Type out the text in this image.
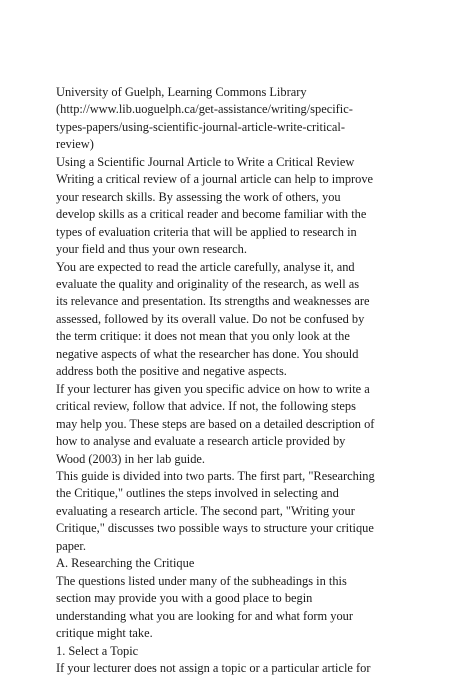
University of Guelph, Learning Commons Library
(http://www.lib.uoguelph.ca/get-assistance/writing/specific-
types-papers/using-scientific-journal-article-write-critical-
review)
Using a Scientific Journal Article to Write a Critical Review
Writing a critical review of a journal article can help to improve
your research skills. By assessing the work of others, you
develop skills as a critical reader and become familiar with the
types of evaluation criteria that will be applied to research in
your field and thus your own research.
You are expected to read the article carefully, analyse it, and
evaluate the quality and originality of the research, as well as
its relevance and presentation. Its strengths and weaknesses are
assessed, followed by its overall value. Do not be confused by
the term critique: it does not mean that you only look at the
negative aspects of what the researcher has done. You should
address both the positive and negative aspects.
If your lecturer has given you specific advice on how to write a
critical review, follow that advice. If not, the following steps
may help you. These steps are based on a detailed description of
how to analyse and evaluate a research article provided by
Wood (2003) in her lab guide.
This guide is divided into two parts. The first part, "Researching
the Critique," outlines the steps involved in selecting and
evaluating a research article. The second part, "Writing your
Critique," discusses two possible ways to structure your critique
paper.
A. Researching the Critique
The questions listed under many of the subheadings in this
section may provide you with a good place to begin
understanding what you are looking for and what form your
critique might take.
1. Select a Topic
If your lecturer does not assign a topic or a particular article for
